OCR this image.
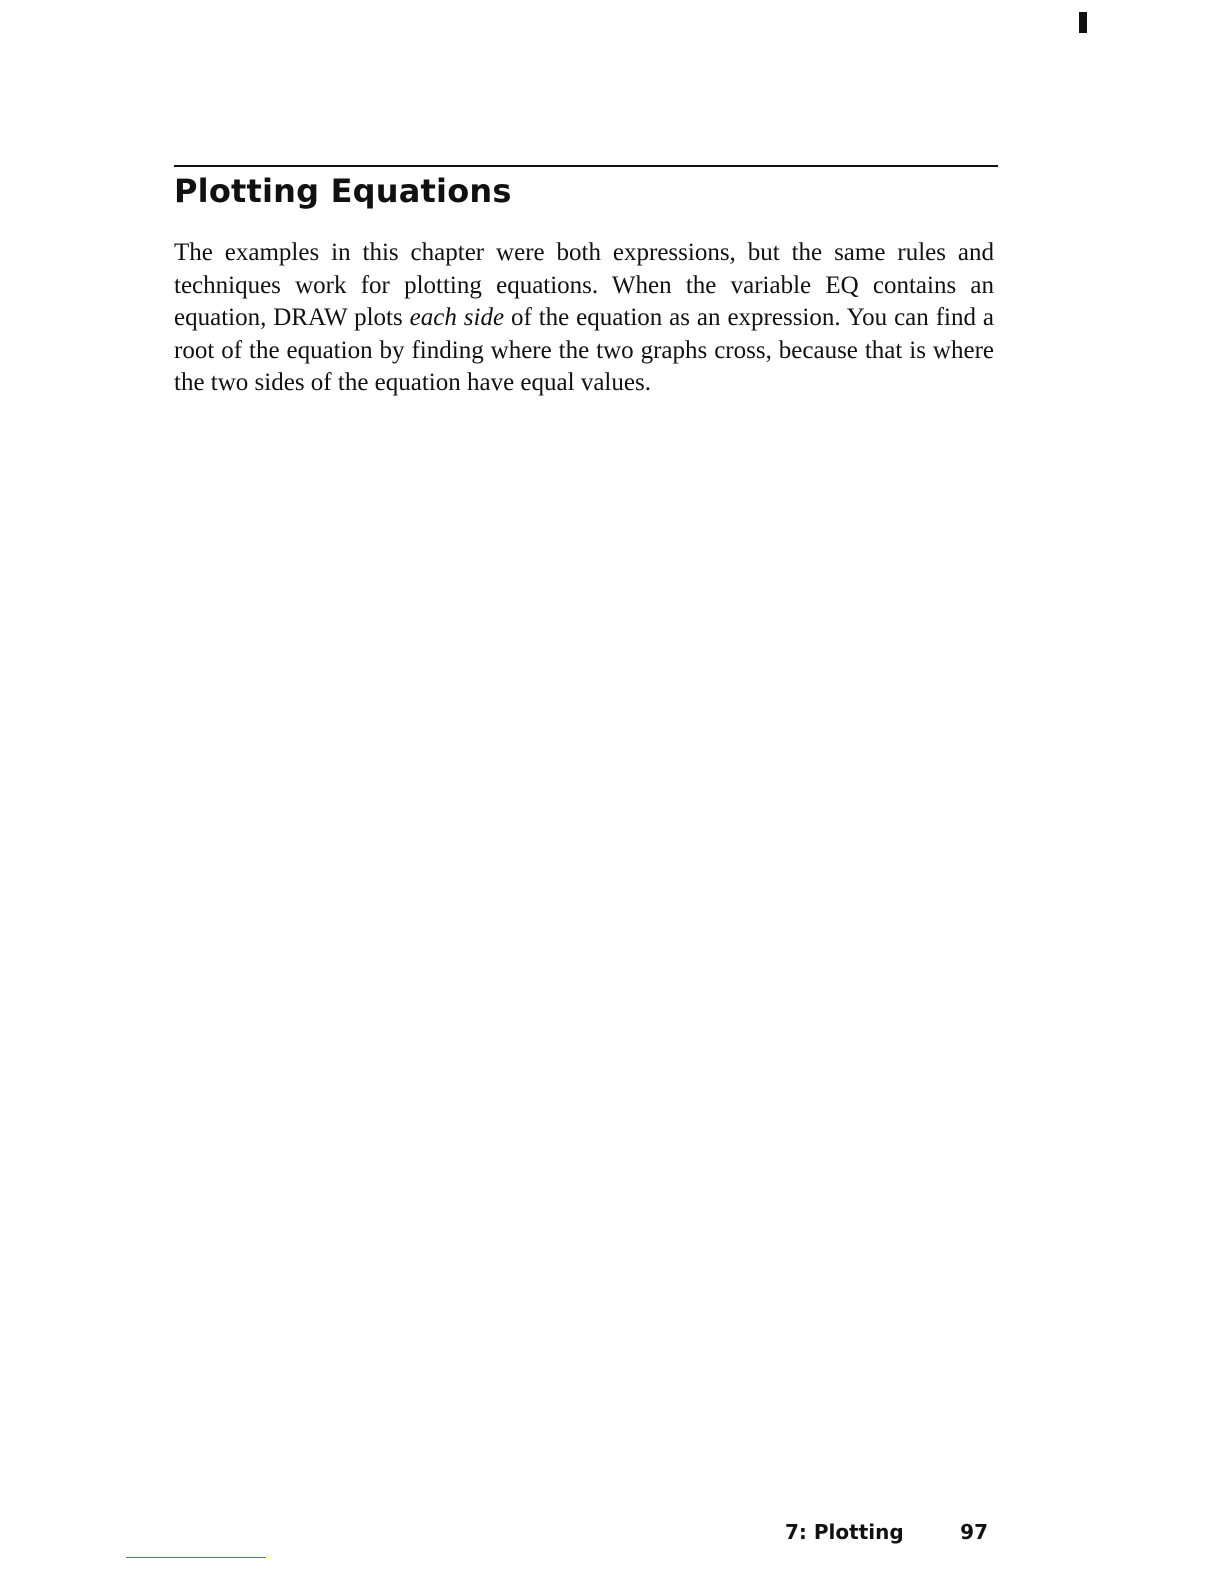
Plotting Equations

The examples in this chapter were both expressions, but the same rules and techniques work for plotting equations. When the variable EQ contains an equation, DRAW plots each side of the equation as an expression. You can find a root of the equation by finding where the two graphs cross, because that is where the two sides of the equation have equal values.

7: Plotting	97
